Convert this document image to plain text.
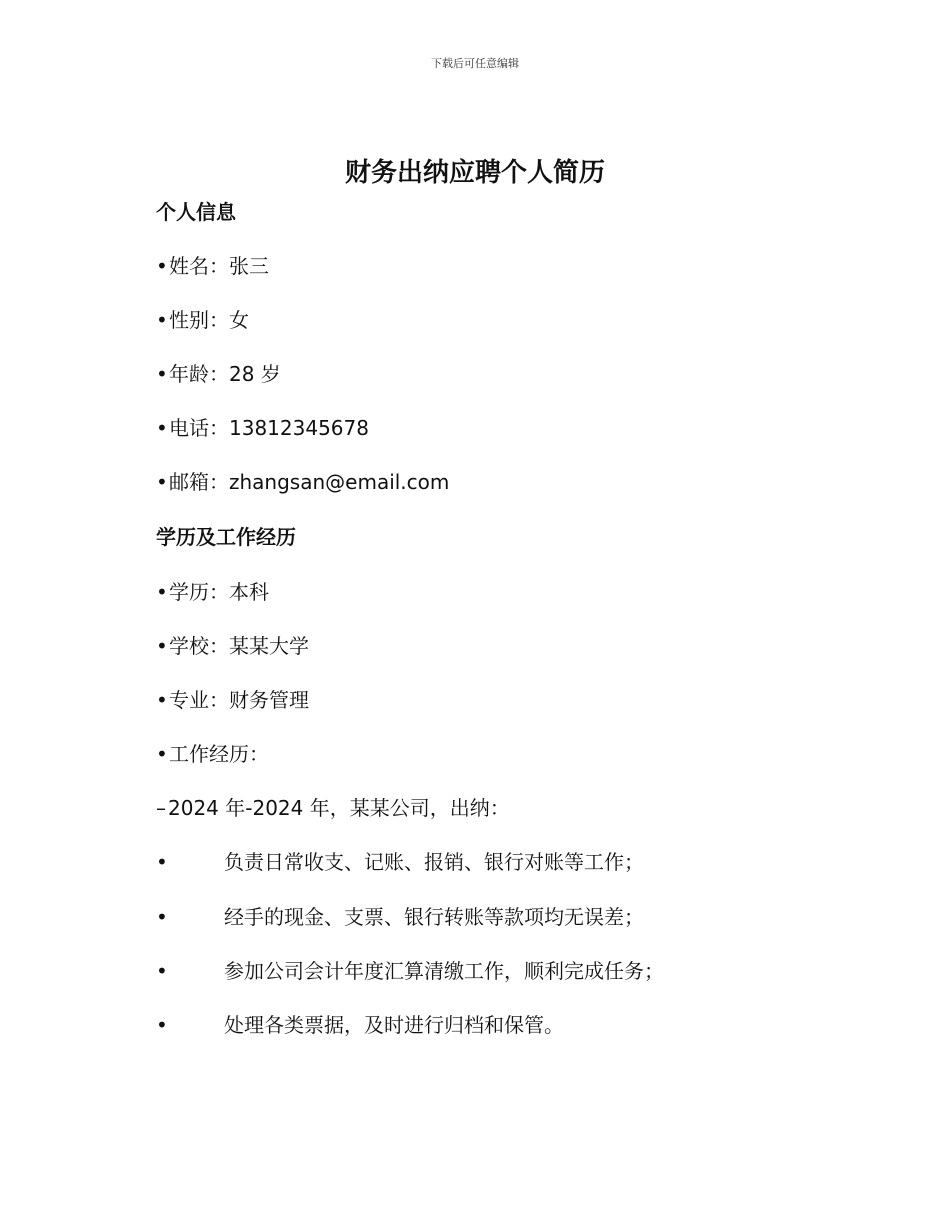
下载后可任意编辑
财务出纳应聘个人简历
个人信息
•姓名：张三
•性别：女
•年龄：28 岁
•电话：13812345678
•邮箱：zhangsan@email.com
学历及工作经历
•学历：本科
•学校：某某大学
•专业：财务管理
•工作经历：
– 2024 年-2024 年，某某公司，出纳：
•	负责日常收支、记账、报销、银行对账等工作；
•	经手的现金、支票、银行转账等款项均无误差；
•	参加公司会计年度汇算清缴工作，顺利完成任务；
•	处理各类票据，及时进行归档和保管。
